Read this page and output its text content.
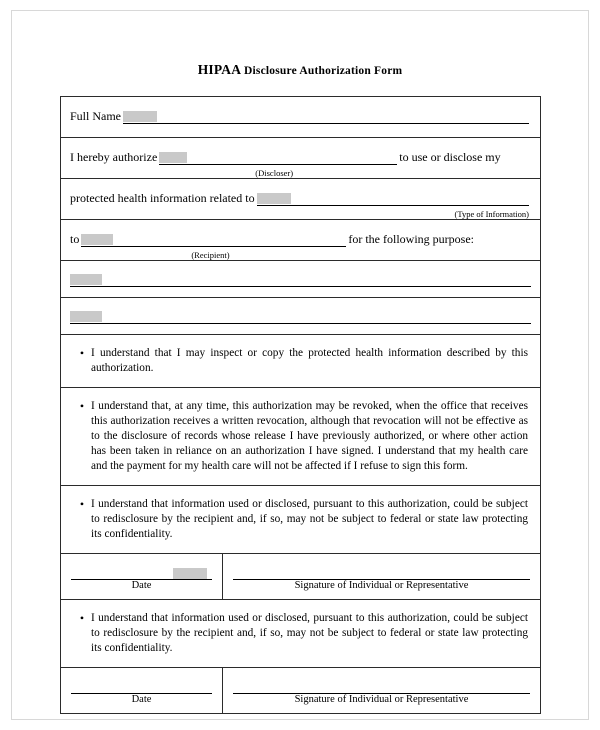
HIPAA Disclosure Authorization Form
Full Name
I hereby authorize
(Discloser)
to use or disclose my
protected health information related to
(Type of Information)
to
(Recipient)
for the following purpose:
• I understand that I may inspect or copy the protected health information described by this authorization.
• I understand that, at any time, this authorization may be revoked, when the office that receives this authorization receives a written revocation, although that revocation will not be effective as to the disclosure of records whose release I have previously authorized, or where other action has been taken in reliance on an authorization I have signed. I understand that my health care and the payment for my health care will not be affected if I refuse to sign this form.
• I understand that information used or disclosed, pursuant to this authorization, could be subject to redisclosure by the recipient and, if so, may not be subject to federal or state law protecting its confidentiality.
Date	Signature of Individual or Representative
• I understand that information used or disclosed, pursuant to this authorization, could be subject to redisclosure by the recipient and, if so, may not be subject to federal or state law protecting its confidentiality.
Date	Signature of Individual or Representative
